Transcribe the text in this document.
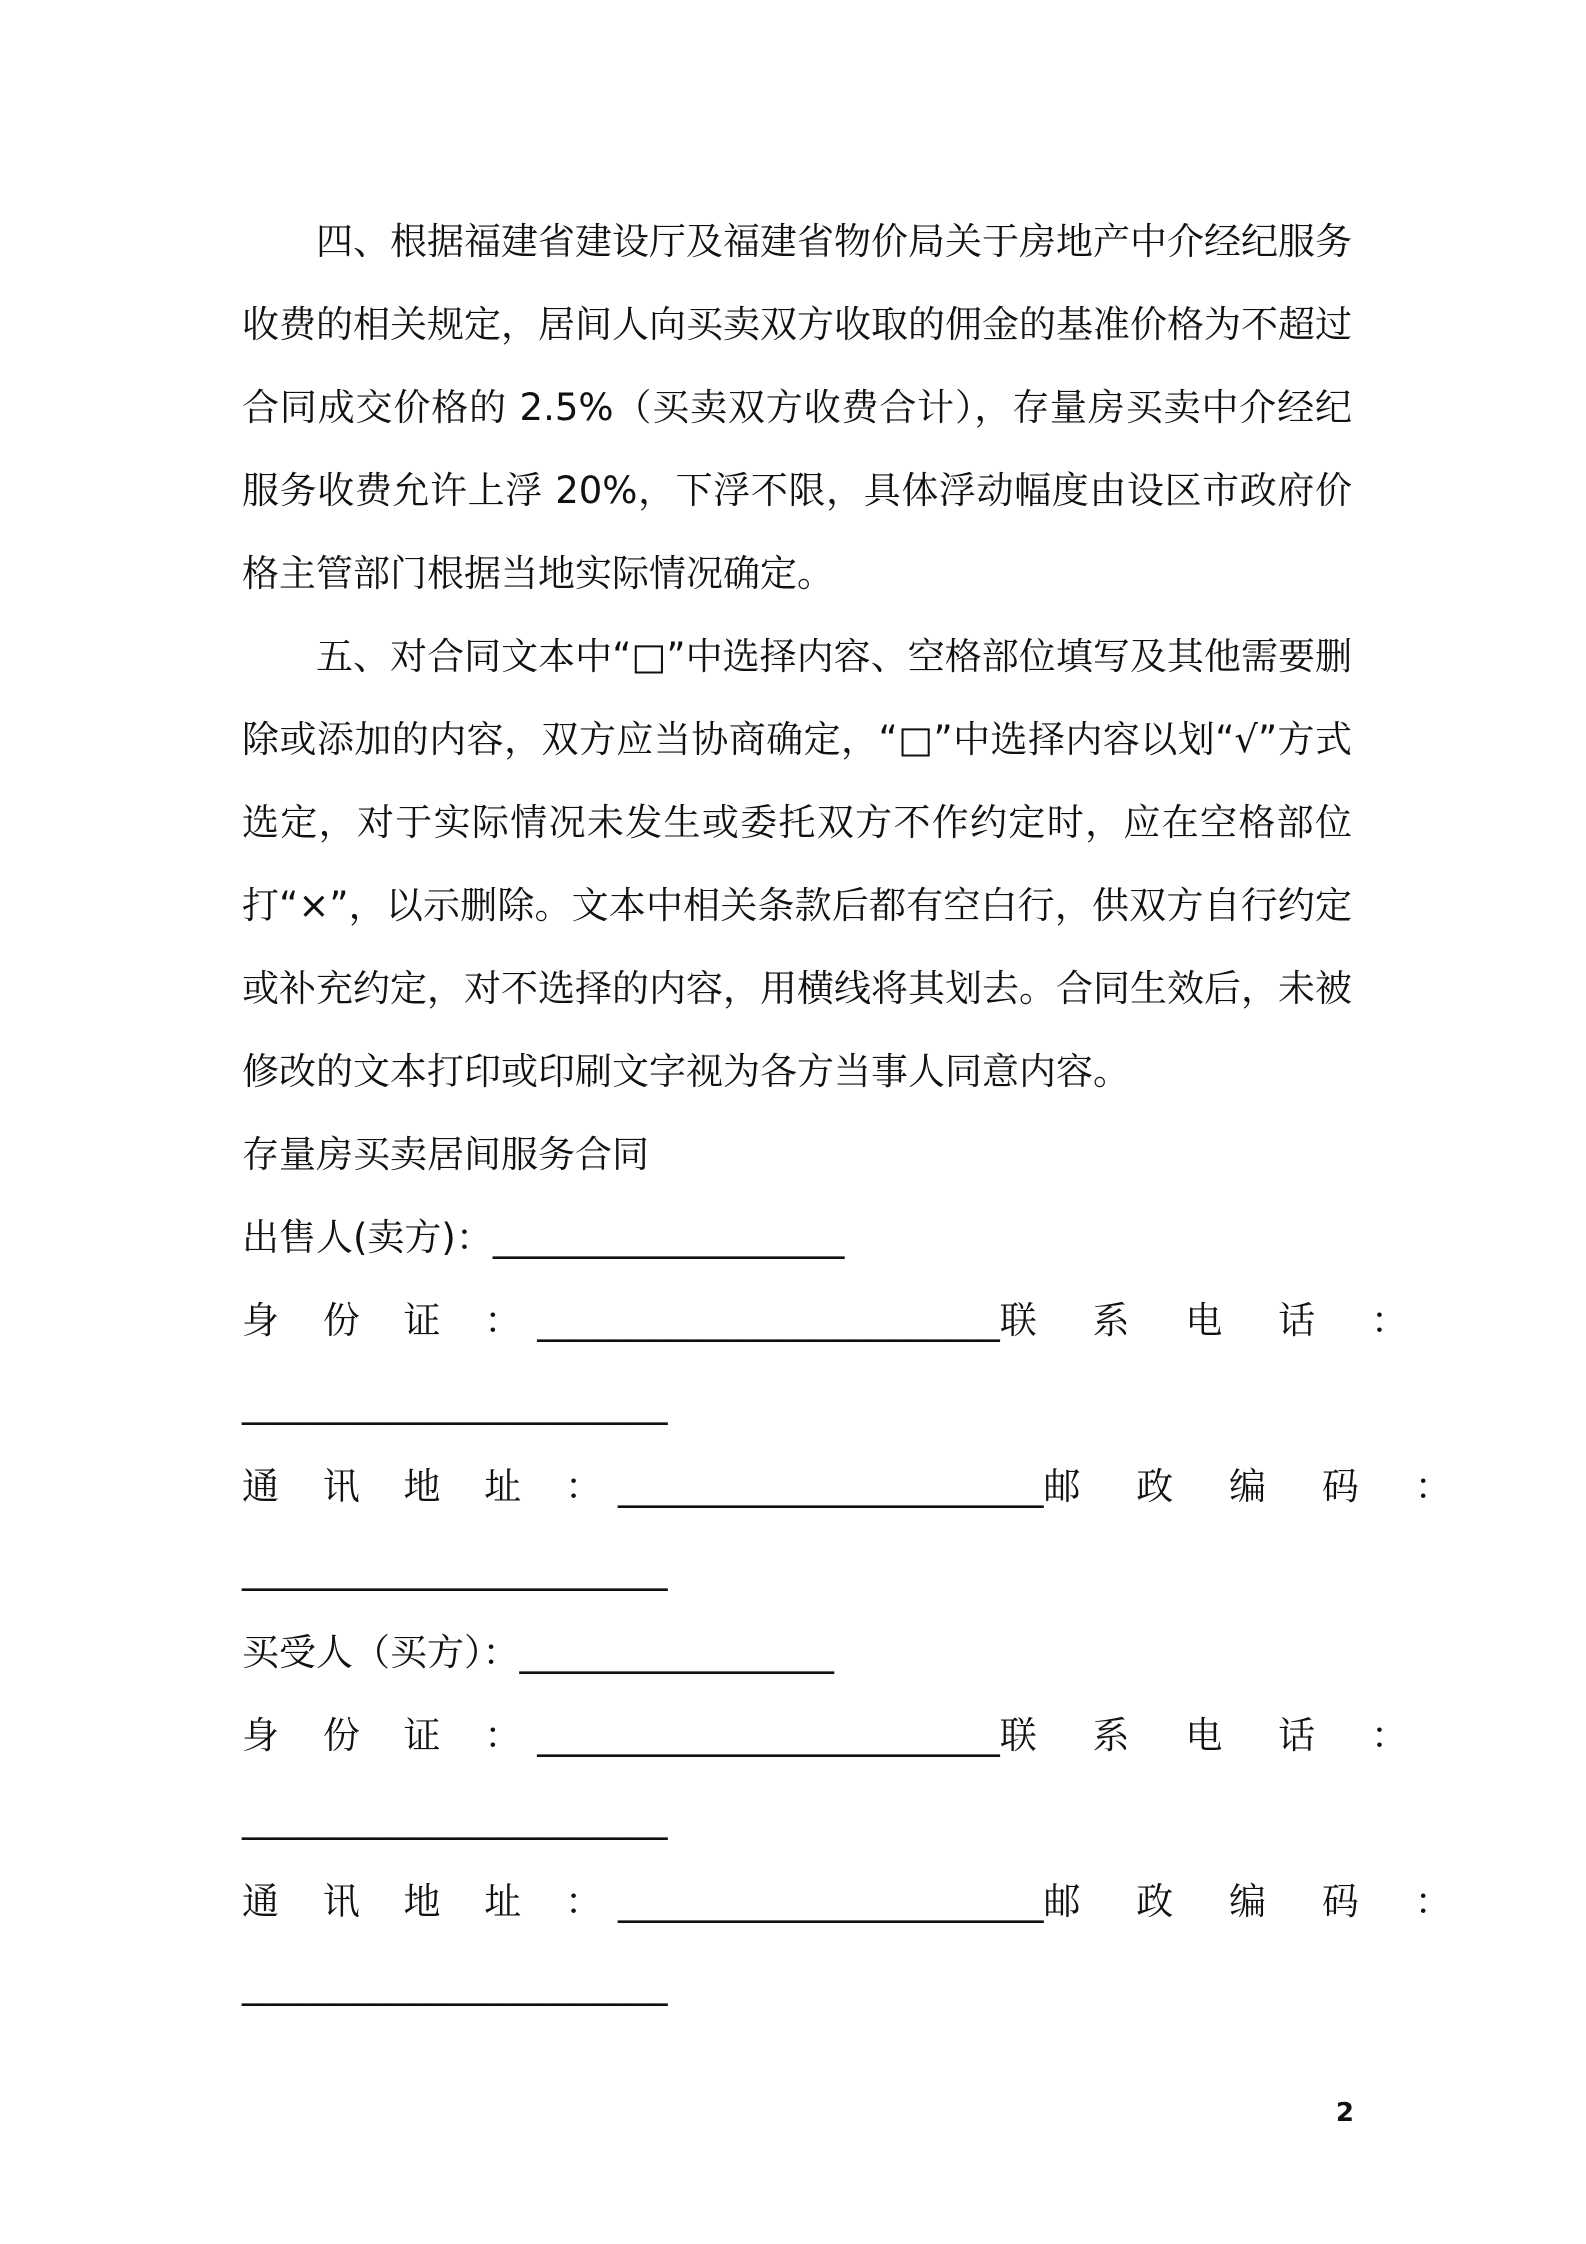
四、根据福建省建设厅及福建省物价局关于房地产中介经纪服务收费的相关规定，居间人向买卖双方收取的佣金的基准价格为不超过合同成交价格的 2.5%（买卖双方收费合计），存量房买卖中介经纪服务收费允许上浮 20%，下浮不限，具体浮动幅度由设区市政府价格主管部门根据当地实际情况确定。

五、对合同文本中“□”中选择内容、空格部位填写及其他需要删除或添加的内容，双方应当协商确定，“□”中选择内容以划“√”方式选定，对于实际情况未发生或委托双方不作约定时，应在空格部位打“×”，以示删除。文本中相关条款后都有空白行，供双方自行约定或补充约定，对不选择的内容，用横线将其划去。合同生效后，未被修改的文本打印或印刷文字视为各方当事人同意内容。

存量房买卖居间服务合同

出售人(卖方)：___________________

身 份 证 ：_________________________ 联 系 电 话 ：

_______________________

通 讯 地 址 ：_______________________ 邮 政 编 码 ：

_______________________

买受人（买方）：_________________

身 份 证 ：_________________________ 联 系 电 话 ：

_______________________

通 讯 地 址 ：_______________________ 邮 政 编 码 ：

_______________________

2
